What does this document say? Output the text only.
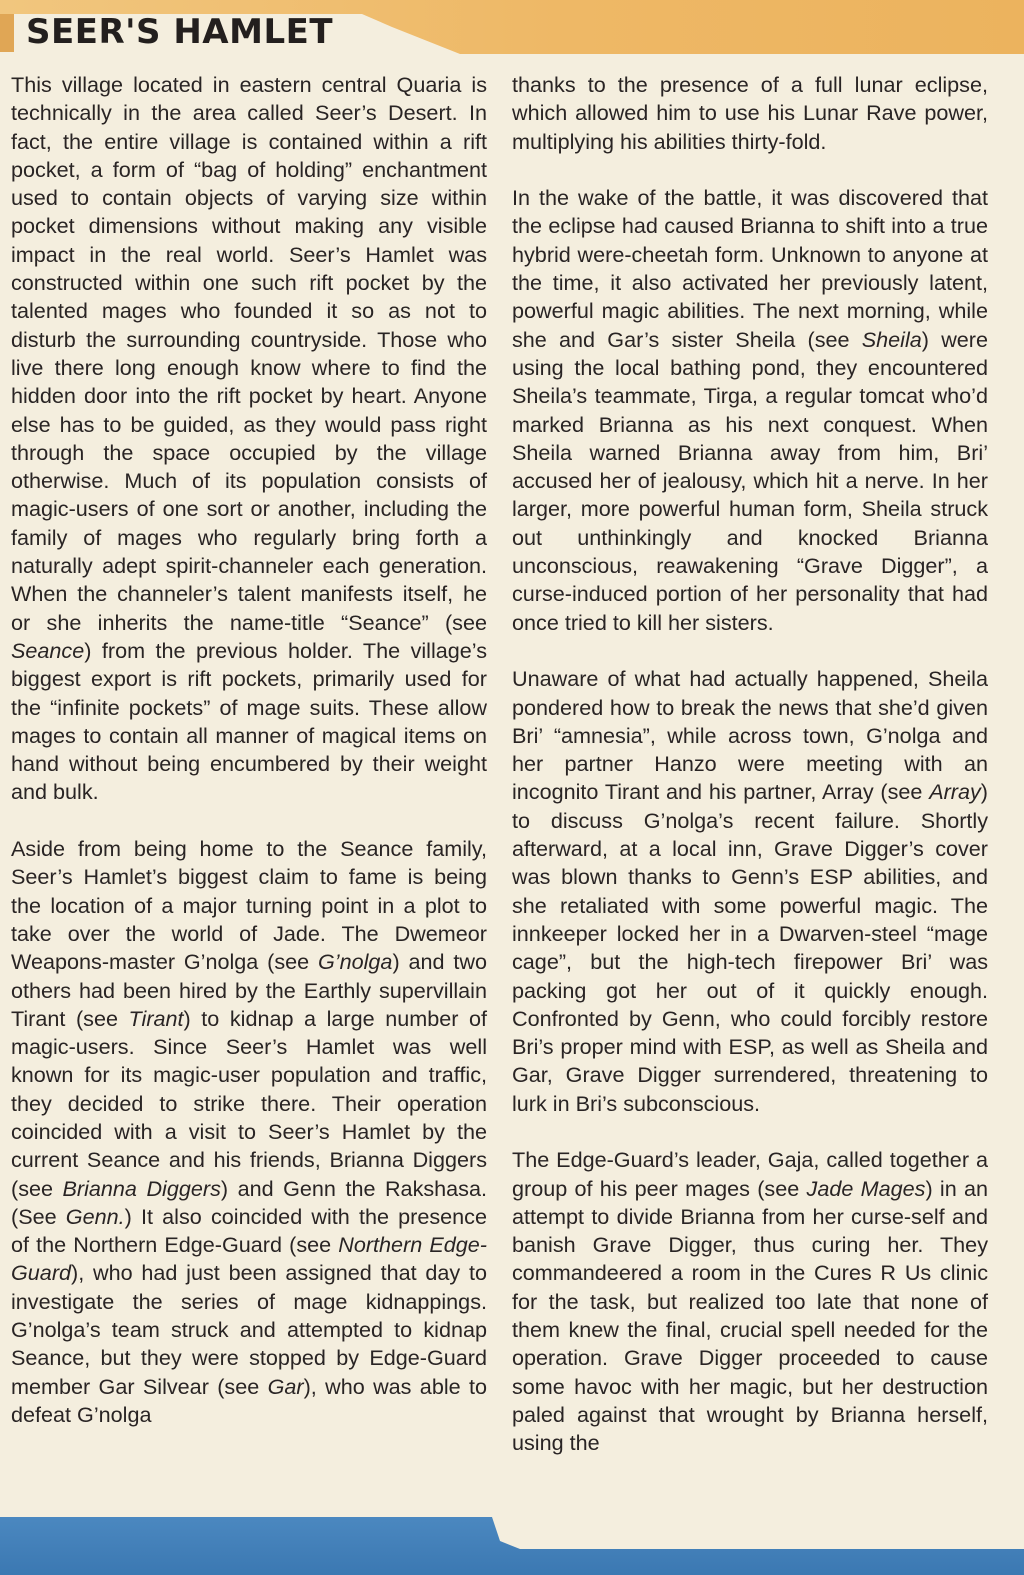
SEER'S HAMLET

This village located in eastern central Quaria is technically in the area called Seer’s Desert. In fact, the entire village is contained within a rift pocket, a form of “bag of holding” enchantment used to contain objects of varying size within pocket dimensions without making any visible impact in the real world. Seer’s Hamlet was constructed within one such rift pocket by the talented mages who founded it so as not to disturb the surrounding countryside. Those who live there long enough know where to find the hidden door into the rift pocket by heart. Anyone else has to be guided, as they would pass right through the space occupied by the village otherwise. Much of its population consists of magic-users of one sort or another, including the family of mages who regularly bring forth a naturally adept spirit-channeler each generation. When the channeler’s talent manifests itself, he or she inherits the name-title “Seance” (see Seance) from the previous holder. The village’s biggest export is rift pockets, primarily used for the “infinite pockets” of mage suits. These allow mages to contain all manner of magical items on hand without being encumbered by their weight and bulk.

Aside from being home to the Seance family, Seer’s Hamlet’s biggest claim to fame is being the location of a major turning point in a plot to take over the world of Jade. The Dwemeor Weapons-master G’nolga (see G’nolga) and two others had been hired by the Earthly supervillain Tirant (see Tirant) to kidnap a large number of magic-users. Since Seer’s Hamlet was well known for its magic-user population and traffic, they decided to strike there. Their operation coincided with a visit to Seer’s Hamlet by the current Seance and his friends, Brianna Diggers (see Brianna Diggers) and Genn the Rakshasa. (See Genn.) It also coincided with the presence of the Northern Edge-Guard (see Northern Edge-Guard), who had just been assigned that day to investigate the series of mage kidnappings. G’nolga’s team struck and attempted to kidnap Seance, but they were stopped by Edge-Guard member Gar Silvear (see Gar), who was able to defeat G’nolga

thanks to the presence of a full lunar eclipse, which allowed him to use his Lunar Rave power, multiplying his abilities thirty-fold.

In the wake of the battle, it was discovered that the eclipse had caused Brianna to shift into a true hybrid were-cheetah form. Unknown to anyone at the time, it also activated her previously latent, powerful magic abilities. The next morning, while she and Gar’s sister Sheila (see Sheila) were using the local bathing pond, they encountered Sheila’s teammate, Tirga, a regular tomcat who’d marked Brianna as his next conquest. When Sheila warned Brianna away from him, Bri’ accused her of jealousy, which hit a nerve. In her larger, more powerful human form, Sheila struck out unthinkingly and knocked Brianna unconscious, reawakening “Grave Digger”, a curse-induced portion of her personality that had once tried to kill her sisters.

Unaware of what had actually happened, Sheila pondered how to break the news that she’d given Bri’ “amnesia”, while across town, G’nolga and her partner Hanzo were meeting with an incognito Tirant and his partner, Array (see Array) to discuss G’nolga’s recent failure. Shortly afterward, at a local inn, Grave Digger’s cover was blown thanks to Genn’s ESP abilities, and she retaliated with some powerful magic. The innkeeper locked her in a Dwarven-steel “mage cage”, but the high-tech firepower Bri’ was packing got her out of it quickly enough. Confronted by Genn, who could forcibly restore Bri’s proper mind with ESP, as well as Sheila and Gar, Grave Digger surrendered, threatening to lurk in Bri’s subconscious.

The Edge-Guard’s leader, Gaja, called together a group of his peer mages (see Jade Mages) in an attempt to divide Brianna from her curse-self and banish Grave Digger, thus curing her. They commandeered a room in the Cures R Us clinic for the task, but realized too late that none of them knew the final, crucial spell needed for the operation. Grave Digger proceeded to cause some havoc with her magic, but her destruction paled against that wrought by Brianna herself, using the
